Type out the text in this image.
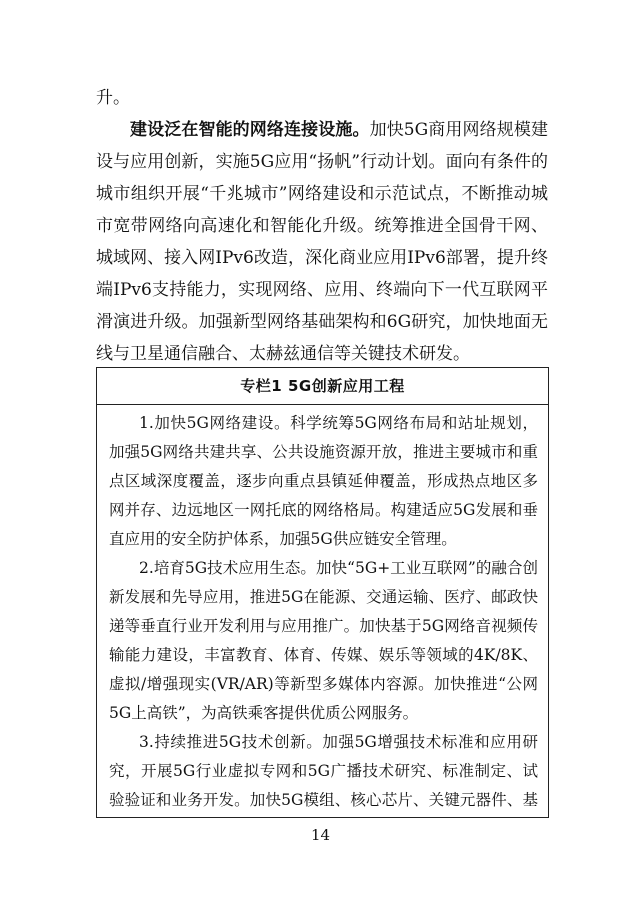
升。

建设泛在智能的网络连接设施。加快5G商用网络规模建设与应用创新，实施5G应用“扬帆”行动计划。面向有条件的城市组织开展“千兆城市”网络建设和示范试点，不断推动城市宽带网络向高速化和智能化升级。统筹推进全国骨干网、城域网、接入网IPv6改造，深化商业应用IPv6部署，提升终端IPv6支持能力，实现网络、应用、终端向下一代互联网平滑演进升级。加强新型网络基础架构和6G研究，加快地面无线与卫星通信融合、太赫兹通信等关键技术研发。

专栏1 5G创新应用工程

1.加快5G网络建设。科学统筹5G网络布局和站址规划，加强5G网络共建共享、公共设施资源开放，推进主要城市和重点区域深度覆盖，逐步向重点县镇延伸覆盖，形成热点地区多网并存、边远地区一网托底的网络格局。构建适应5G发展和垂直应用的安全防护体系，加强5G供应链安全管理。

2.培育5G技术应用生态。加快“5G+工业互联网”的融合创新发展和先导应用，推进5G在能源、交通运输、医疗、邮政快递等垂直行业开发利用与应用推广。加快基于5G网络音视频传输能力建设，丰富教育、体育、传媒、娱乐等领域的4K/8K、虚拟/增强现实(VR/AR)等新型多媒体内容源。加快推进“公网5G上高铁”，为高铁乘客提供优质公网服务。

3.持续推进5G技术创新。加强5G增强技术标准和应用研究，开展5G行业虚拟专网和5G广播技术研究、标准制定、试验验证和业务开发。加快5G模组、核心芯片、关键元器件、基

14
